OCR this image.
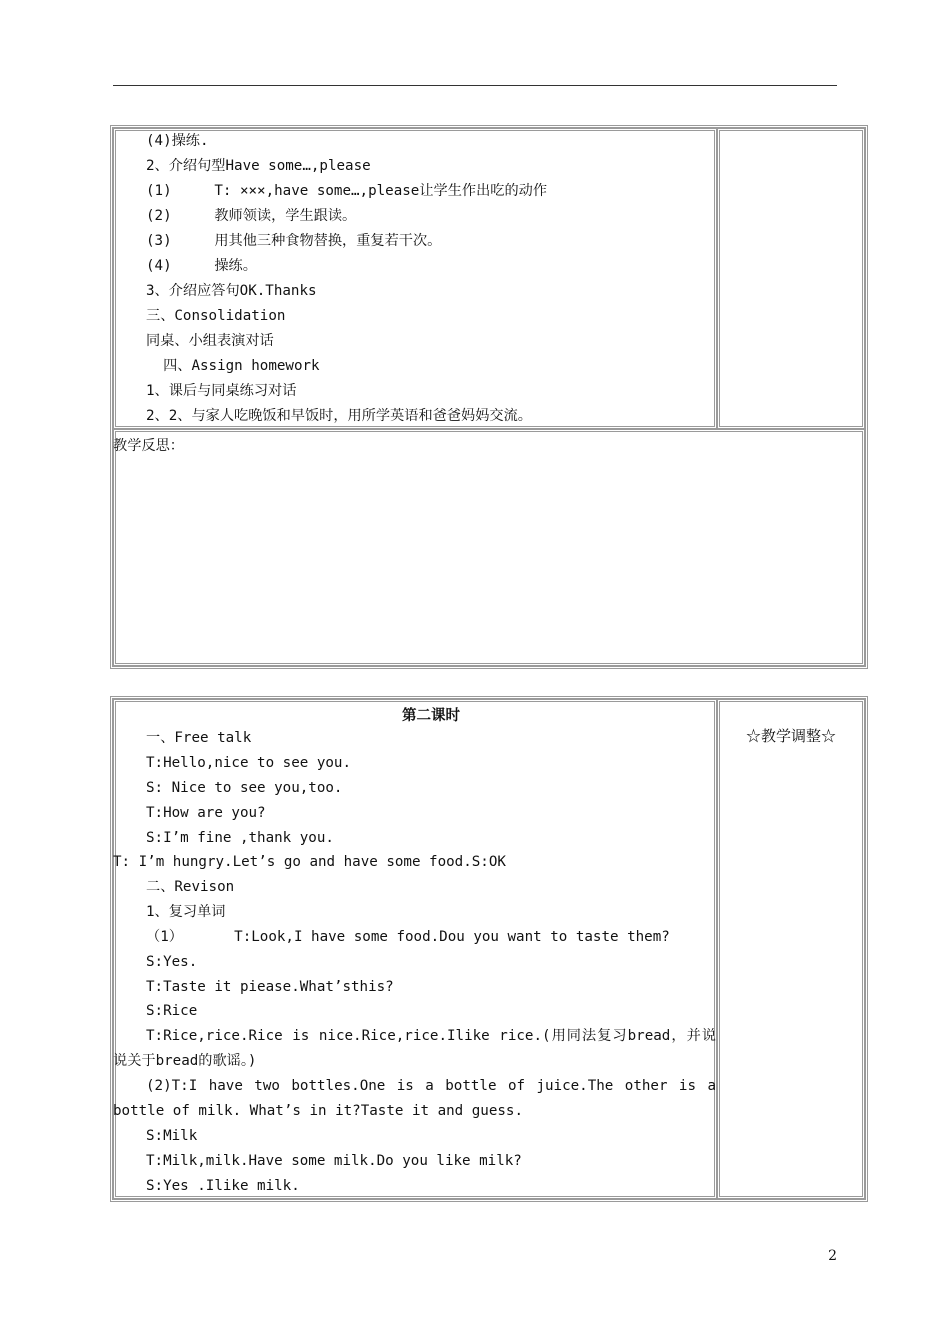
(4)操练.
2、介绍句型Have some…,please
(1)     T: ×××,have some…,please让学生作出吃的动作
(2)     教师领读，学生跟读。
(3)     用其他三种食物替换，重复若干次。
(4)     操练。
3、介绍应答句OK.Thanks
三、Consolidation
同桌、小组表演对话
四、Assign homework
1、课后与同桌练习对话
2、2、与家人吃晚饭和早饭时，用所学英语和爸爸妈妈交流。
教学反思：
第二课时
☆教学调整☆
一、Free talk
T:Hello,nice to see you.
S: Nice to see you,too.
T:How are you?
S:I’m fine ,thank you.
T: I’m hungry.Let’s go and have some food.S:OK
二、Revison
1、复习单词
（1）      T:Look,I have some food.Dou you want to taste them?
S:Yes.
T:Taste it piease.What’sthis?
S:Rice
T:Rice,rice.Rice is nice.Rice,rice.Ilike rice.(用同法复习bread，并说
说关于bread的歌谣。)
(2)T:I have two bottles.One is a bottle of juice.The other is a
bottle of milk. What’s in it?Taste it and guess.
S:Milk
T:Milk,milk.Have some milk.Do you like milk?
S:Yes .Ilike milk.
2
